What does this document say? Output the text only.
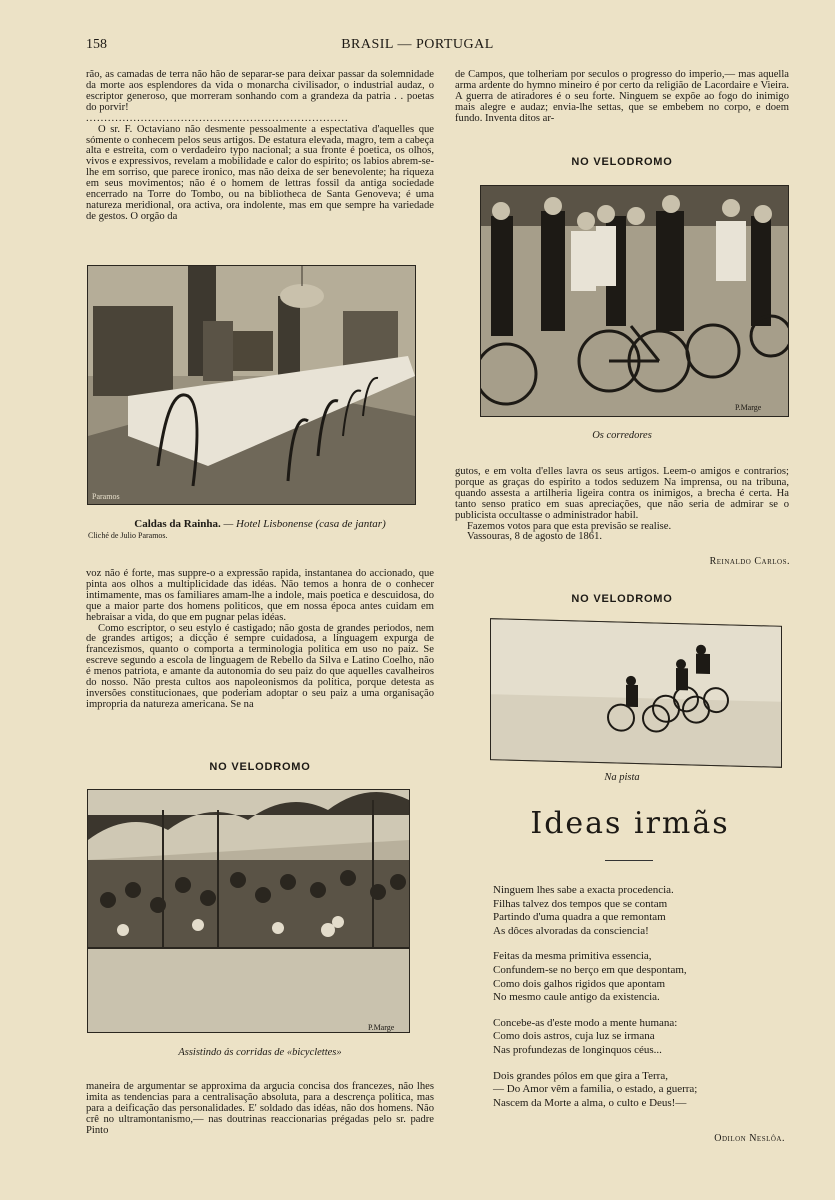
158	BRASIL — PORTUGAL

rão, as camadas de terra não hão de separar-se para deixar passar da solemnidade da morte aos esplendores da vida o monarcha civilisador, o industrial audaz, o escriptor generoso, que morreram sonhando com a grandeza da patria . . poetas do porvir!

........................................................................

O sr. F. Octaviano não desmente pessoalmente a espectativa d'aquelles que sómente o conhecem pelos seus artigos. De estatura elevada, magro, tem a cabeça alta e estreita, com o verdadeiro typo nacional; a sua fronte é poetica, os olhos, vivos e expressivos, revelam a mobilidade e calor do espirito; os labios abrem-se-lhe em sorriso, que parece ironico, mas não deixa de ser benevolente; ha riqueza em seus movimentos; não é o homem de lettras fossil da antiga sociedade encerrado na Torre do Tombo, ou na bibliotheca de Santa Genoveva; é uma natureza meridional, ora activa, ora indolente, mas em que sempre ha variedade de gestos. O orgão da

Paramos
Caldas da Rainha. — Hotel Lisbonense (casa de jantar)
Cliché de Julio Paramos.

voz não é forte, mas suppre-o a expressão rapida, instantanea do accionado, que pinta aos olhos a multiplicidade das idéas. Não temos a honra de o conhecer intimamente, mas os familiares amam-lhe a indole, mais poetica e descuidosa, do que a maior parte dos homens politicos, que em nossa época antes cuidam em hebraisar a vida, do que em pugnar pelas idéas.

Como escriptor, o seu estylo é castigado; não gosta de grandes periodos, nem de grandes artigos; a dicção é sempre cuidadosa, a linguagem expurga de francezismos, quanto o comporta a terminologia politica em uso no paiz. Se escreve segundo a escola de linguagem de Rebello da Silva e Latino Coelho, não é menos patriota, e amante da autonomia do seu paiz do que aquelles cavalheiros do nosso. Não presta cultos aos napoleonismos da politica, porque detesta as inversões constitucionaes, que poderiam adoptar o seu paiz a uma organisação impropria da natureza americana. Se na

NO VELODROMO
P.Marge
Assistindo ás corridas de «bicyclettes»

maneira de argumentar se approxima da argucia concisa dos francezes, não lhes imita as tendencias para a centralisação absoluta, para a descrença politica, mas para a deificação das personalidades. E' soldado das idéas, não dos homens. Não crê no ultramontanismo,— nas doutrinas reaccionarias prégadas pelo sr. padre Pinto

de Campos, que tolheriam por seculos o progresso do imperio,— mas aquella arma ardente do hymno mineiro é por certo da religião de Lacordaire e Vieira. A guerra de atiradores é o seu forte. Ninguem se expõe ao fogo do inimigo mais alegre e audaz; envia-lhe settas, que se embebem no corpo, e doem fundo. Inventa ditos ar-

NO VELODROMO
P.Marge
Os corredores

gutos, e em volta d'elles lavra os seus artigos. Leem-o amigos e contrarios; porque as graças do espirito a todos seduzem Na imprensa, ou na tribuna, quando assesta a artilheria ligeira contra os inimigos, a brecha é certa. Ha tanto senso pratico em suas apreciações, que não seria de admirar se o publicista occultasse o administrador habil.

Fazemos votos para que esta previsão se realise.

Vassouras, 8 de agosto de 1861.

Reinaldo Carlos.
NO VELODROMO
Na pista
Ideas irmãs
Ninguem lhes sabe a exacta procedencia.
Filhas talvez dos tempos que se contam
Partindo d'uma quadra a que remontam
As dôces alvoradas da consciencia!
Feitas da mesma primitiva essencia,
Confundem-se no berço em que despontam,
Como dois galhos rigidos que apontam
No mesmo caule antigo da existencia.
Concebe-as d'este modo a mente humana:
Como dois astros, cuja luz se irmana
Nas profundezas de longinquos céus...
Dois grandes pólos em que gira a Terra,
— Do Amor vêm a familia, o estado, a guerra;
Nascem da Morte a alma, o culto e Deus!—
Odilon Neslôa.
